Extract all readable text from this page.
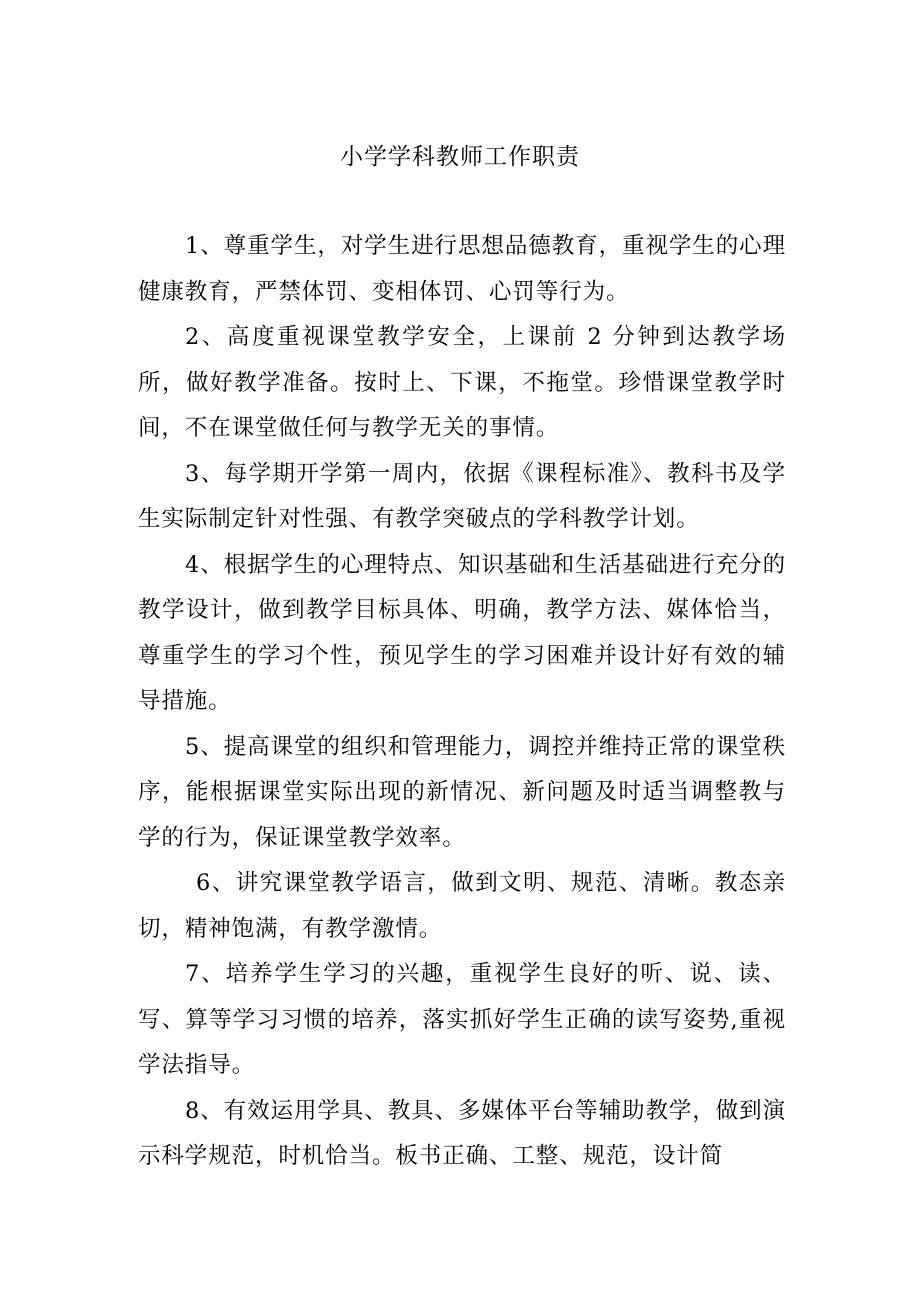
小学学科教师工作职责

1、尊重学生，对学生进行思想品德教育，重视学生的心理健康教育，严禁体罚、变相体罚、心罚等行为。

2、高度重视课堂教学安全，上课前 2 分钟到达教学场所，做好教学准备。按时上、下课，不拖堂。珍惜课堂教学时间，不在课堂做任何与教学无关的事情。

3、每学期开学第一周内，依据《课程标准》、教科书及学生实际制定针对性强、有教学突破点的学科教学计划。

4、根据学生的心理特点、知识基础和生活基础进行充分的教学设计，做到教学目标具体、明确，教学方法、媒体恰当，尊重学生的学习个性，预见学生的学习困难并设计好有效的辅导措施。

5、提高课堂的组织和管理能力，调控并维持正常的课堂秩序，能根据课堂实际出现的新情况、新问题及时适当调整教与学的行为，保证课堂教学效率。

6、讲究课堂教学语言，做到文明、规范、清晰。教态亲切，精神饱满，有教学激情。

7、培养学生学习的兴趣，重视学生良好的听、说、读、写、算等学习习惯的培养，落实抓好学生正确的读写姿势,重视学法指导。

8、有效运用学具、教具、多媒体平台等辅助教学，做到演示科学规范，时机恰当。板书正确、工整、规范，设计简
